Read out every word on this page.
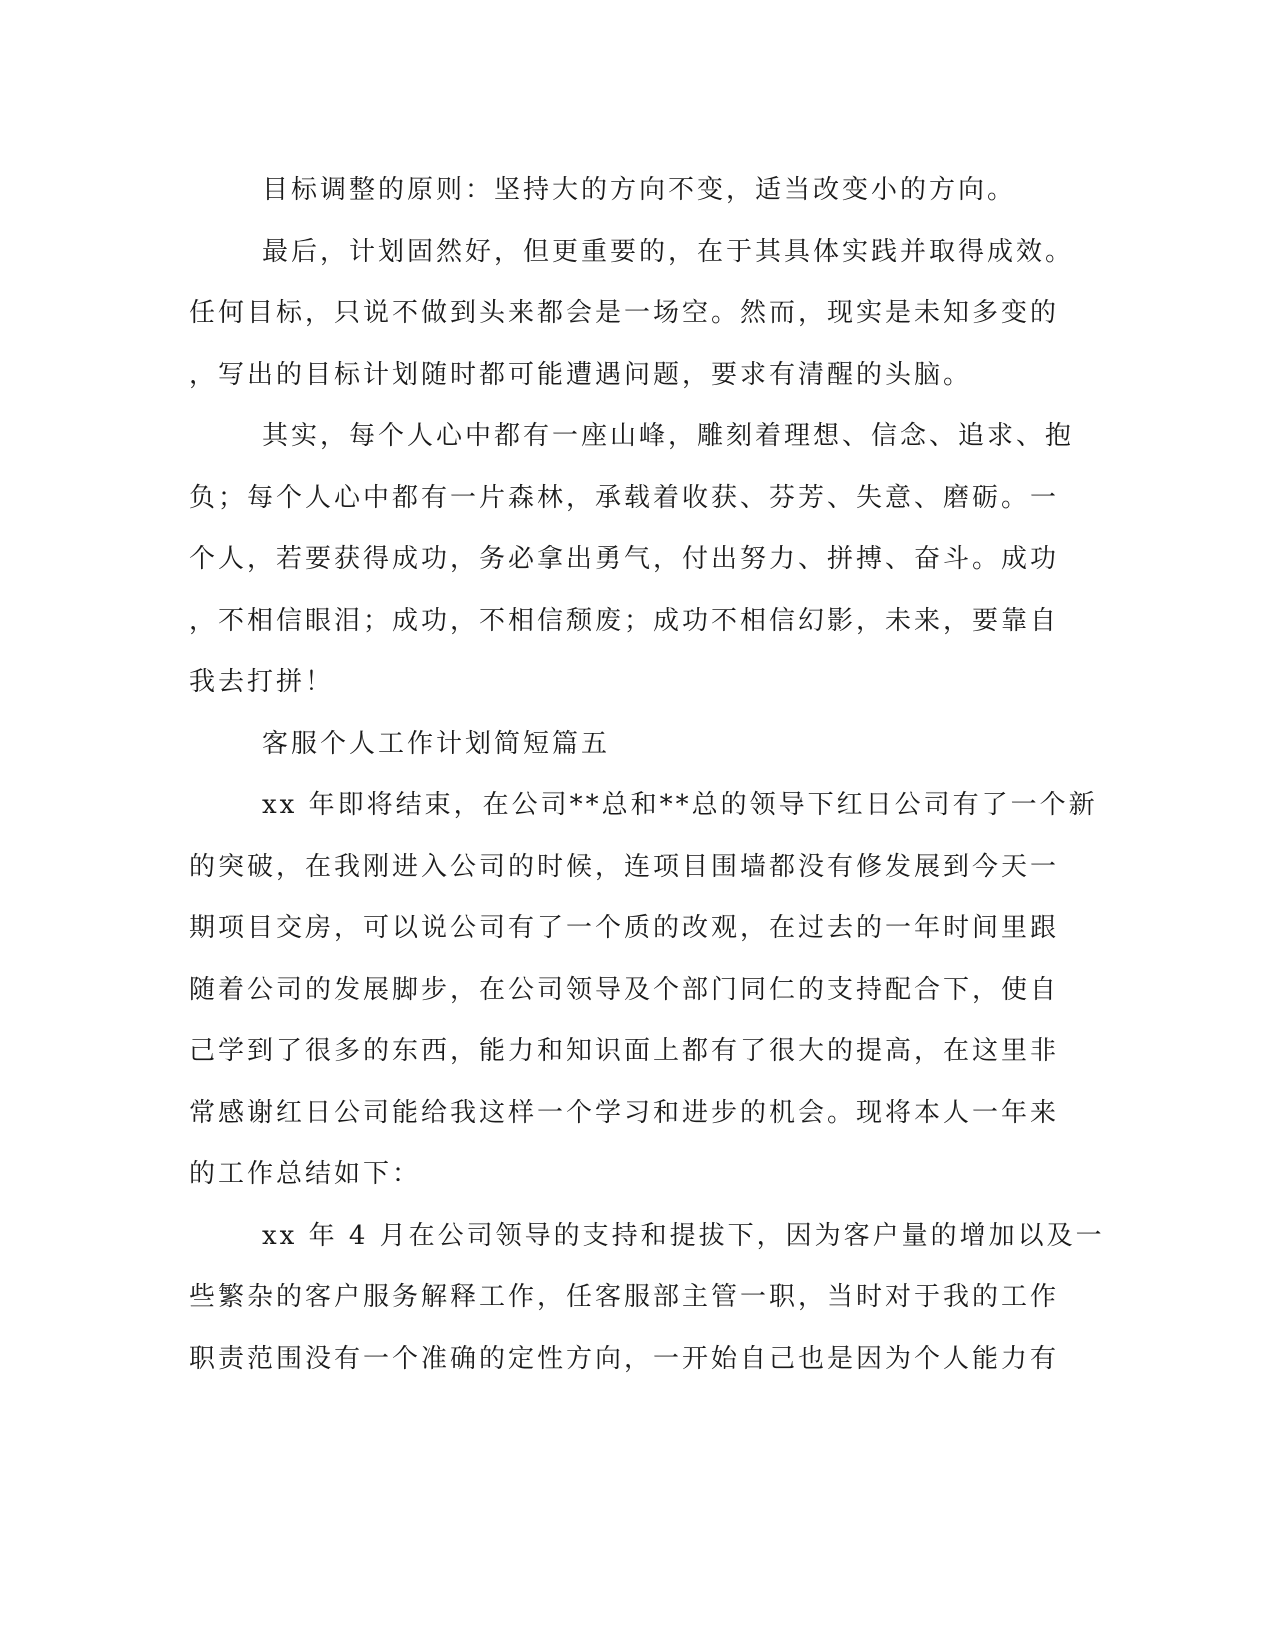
目标调整的原则：坚持大的方向不变，适当改变小的方向。
最后，计划固然好，但更重要的，在于其具体实践并取得成效。
任何目标，只说不做到头来都会是一场空。然而，现实是未知多变的
，写出的目标计划随时都可能遭遇问题，要求有清醒的头脑。
其实，每个人心中都有一座山峰，雕刻着理想、信念、追求、抱
负；每个人心中都有一片森林，承载着收获、芬芳、失意、磨砺。一
个人，若要获得成功，务必拿出勇气，付出努力、拼搏、奋斗。成功
，不相信眼泪；成功，不相信颓废；成功不相信幻影，未来，要靠自
我去打拼！
客服个人工作计划简短篇五
xx 年即将结束，在公司**总和**总的领导下红日公司有了一个新
的突破，在我刚进入公司的时候，连项目围墙都没有修发展到今天一
期项目交房，可以说公司有了一个质的改观，在过去的一年时间里跟
随着公司的发展脚步，在公司领导及个部门同仁的支持配合下，使自
己学到了很多的东西，能力和知识面上都有了很大的提高，在这里非
常感谢红日公司能给我这样一个学习和进步的机会。现将本人一年来
的工作总结如下：
xx 年 4 月在公司领导的支持和提拔下，因为客户量的增加以及一
些繁杂的客户服务解释工作，任客服部主管一职，当时对于我的工作
职责范围没有一个准确的定性方向，一开始自己也是因为个人能力有
